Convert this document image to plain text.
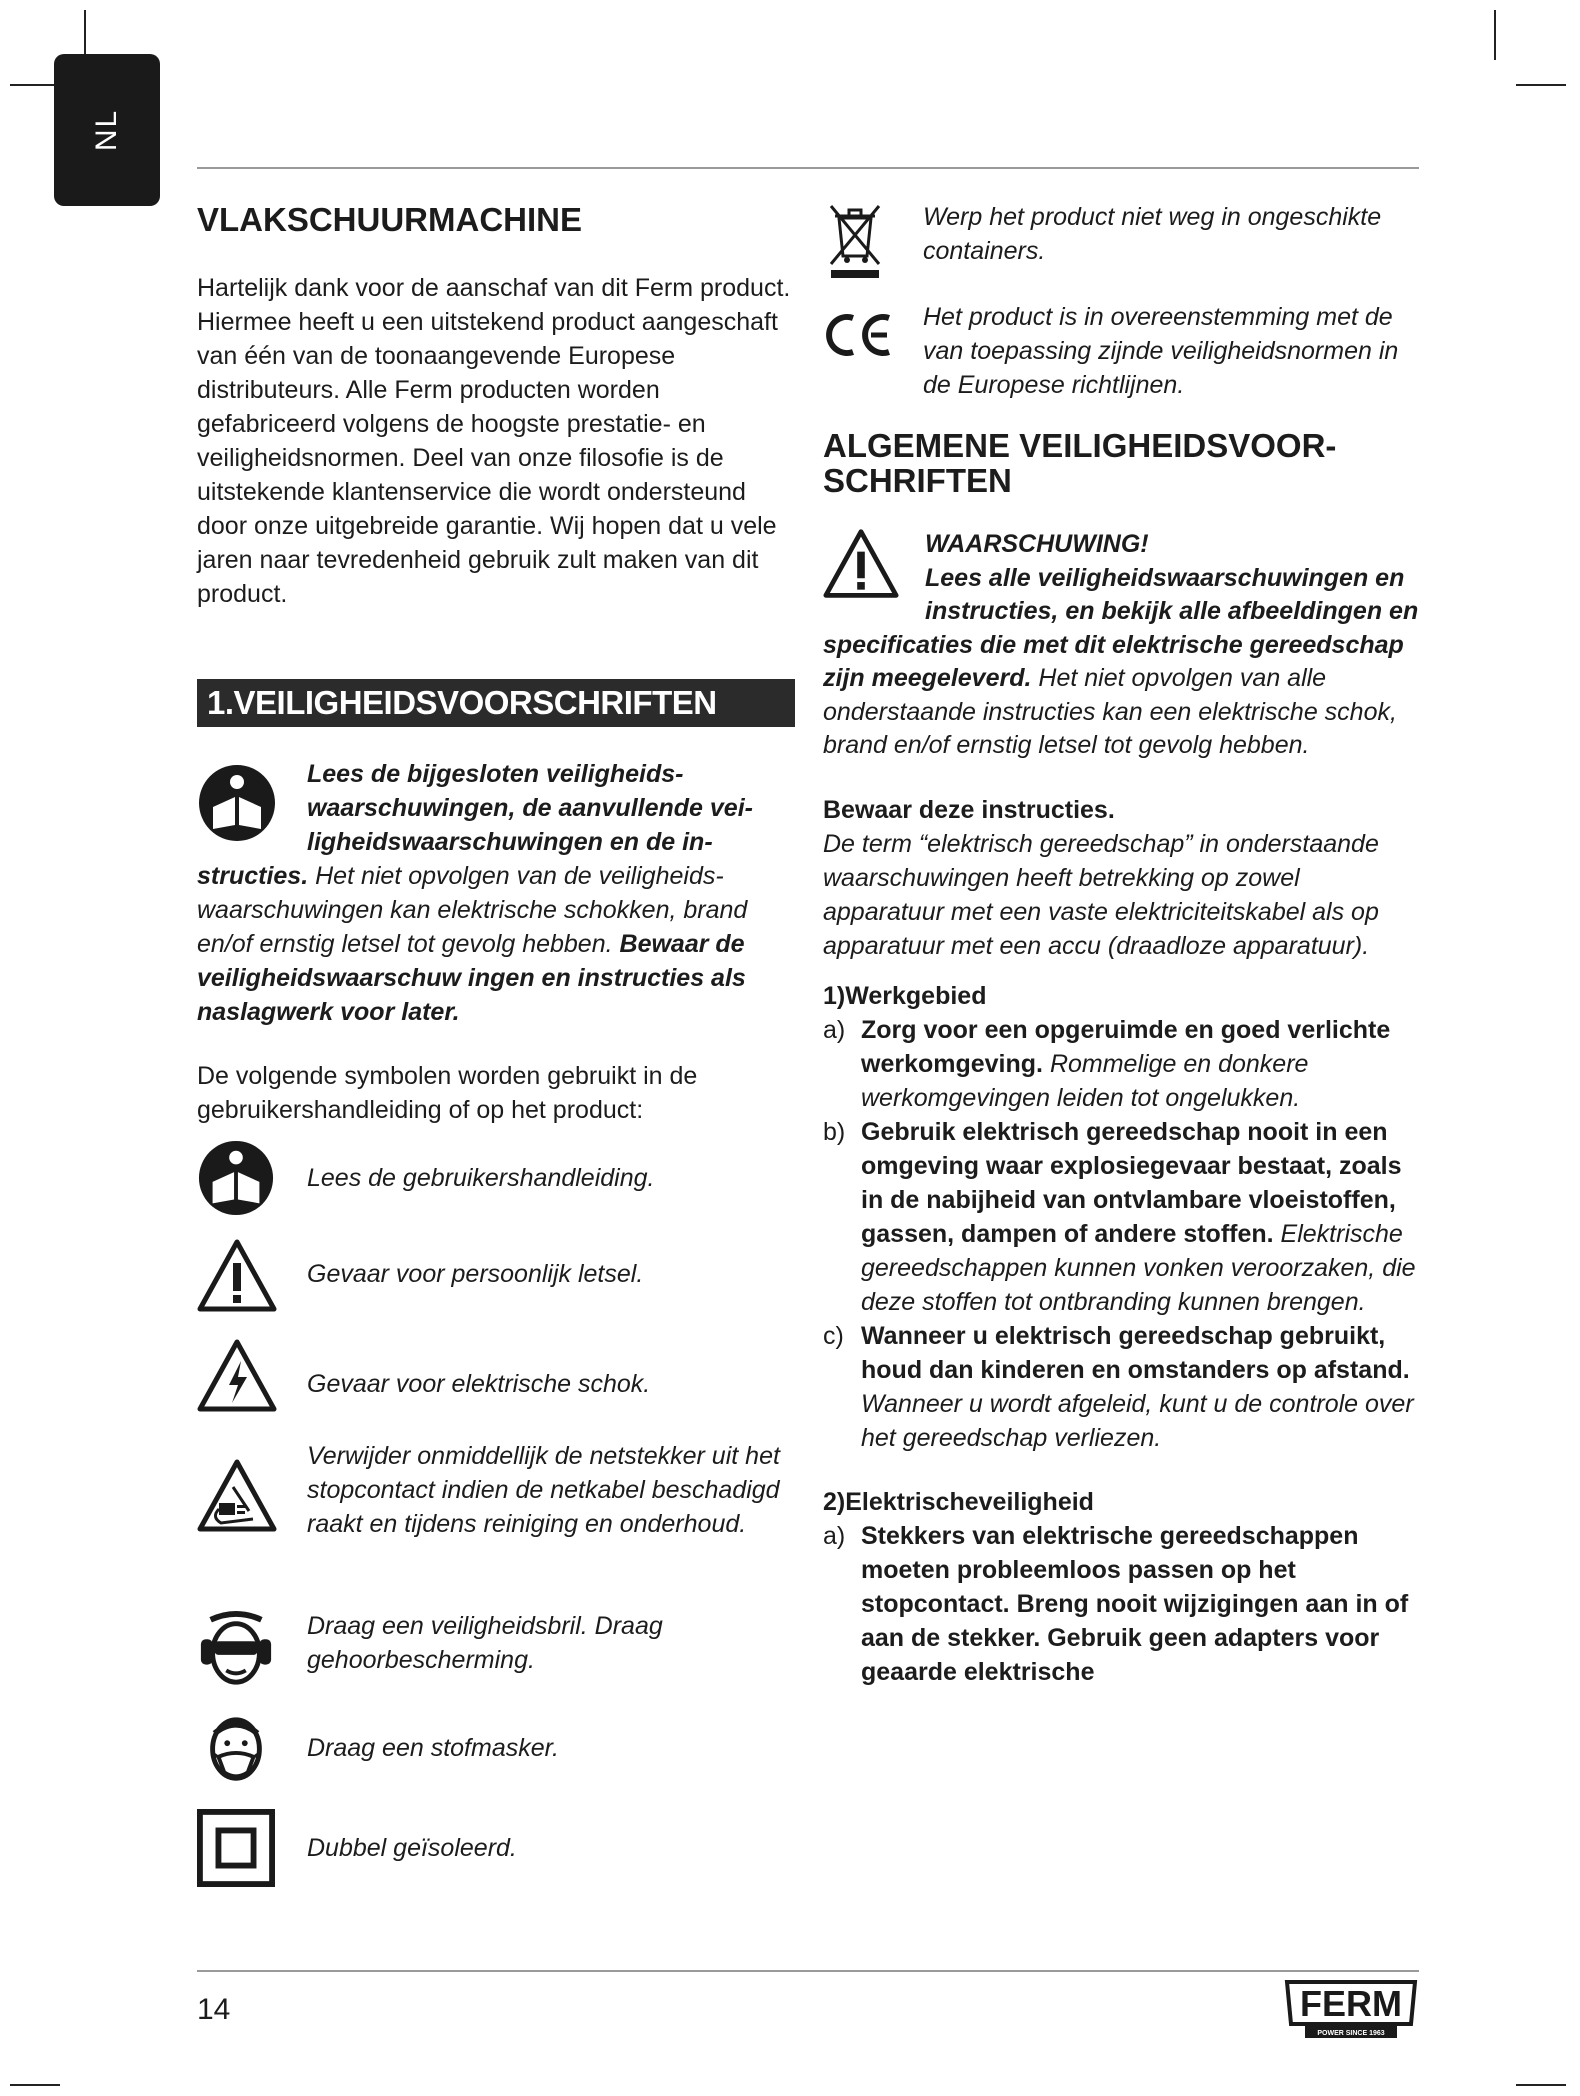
NL
VLAKSCHUURMACHINE

Hartelijk dank voor de aanschaf van dit Ferm product. Hiermee heeft u een uitstekend product aangeschaft van één van de toonaangevende Europese distributeurs. Alle Ferm producten worden gefabriceerd volgens de hoogste prestatie- en veiligheidsnormen. Deel van onze filosofie is de uitstekende klantenservice die wordt ondersteund door onze uitgebreide garantie. Wij hopen dat u vele jaren naar tevredenheid gebruik zult maken van dit product.

1.VEILIGHEIDSVOORSCHRIFTEN

Lees de bijgesloten veiligheidswaarschuwingen, de aanvullende veiligheidswaarschuwingen en de instructies. Het niet opvolgen van de veiligheidswaarschuwingen kan elektrische schokken, brand en/of ernstig letsel tot gevolg hebben. Bewaar de veiligheidswaarschuw ingen en instructies als naslagwerk voor later.

De volgende symbolen worden gebruikt in de gebruikershandleiding of op het product:

Lees de gebruikershandleiding.
Gevaar voor persoonlijk letsel.
Gevaar voor elektrische schok.
Verwijder onmiddellijk de netstekker uit het stopcontact indien de netkabel beschadigd raakt en tijdens reiniging en onderhoud.
Draag een veiligheidsbril. Draag gehoorbescherming.
Draag een stofmasker.
Dubbel geïsoleerd.
Werp het product niet weg in ongeschikte containers.
Het product is in overeenstemming met de van toepassing zijnde veiligheidsnormen in de Europese richtlijnen.
ALGEMENE VEILIGHEIDSVOORSCHRIFTEN

WAARSCHUWING!
Lees alle veiligheidswaarschuwingen en instructies, en bekijk alle afbeeldingen en specificaties die met dit elektrische gereedschap zijn meegeleverd. Het niet opvolgen van alle onderstaande instructies kan een elektrische schok, brand en/of ernstig letsel tot gevolg hebben.

Bewaar deze instructies.

De term “elektrisch gereedschap” in onderstaande waarschuwingen heeft betrekking op zowel apparatuur met een vaste elektriciteitskabel als op apparatuur met een accu (draadloze apparatuur).

1)Werkgebied

a) Zorg voor een opgeruimde en goed verlichte werkomgeving. Rommelige en donkere werkomgevingen leiden tot ongelukken.
b) Gebruik elektrisch gereedschap nooit in een omgeving waar explosiegevaar bestaat, zoals in de nabijheid van ontvlambare vloeistoffen, gassen, dampen of andere stoffen. Elektrische gereedschappen kunnen vonken veroorzaken, die deze stoffen tot ontbranding kunnen brengen.
c) Wanneer u elektrisch gereedschap gebruikt, houd dan kinderen en omstanders op afstand. Wanneer u wordt afgeleid, kunt u de controle over het gereedschap verliezen.

2)Elektrischeveiligheid

a) Stekkers van elektrische gereedschappen moeten probleemloos passen op het stopcontact. Breng nooit wijzigingen aan in of aan de stekker. Gebruik geen adapters voor geaarde elektrische
14	FERM
POWER SINCE 1963
